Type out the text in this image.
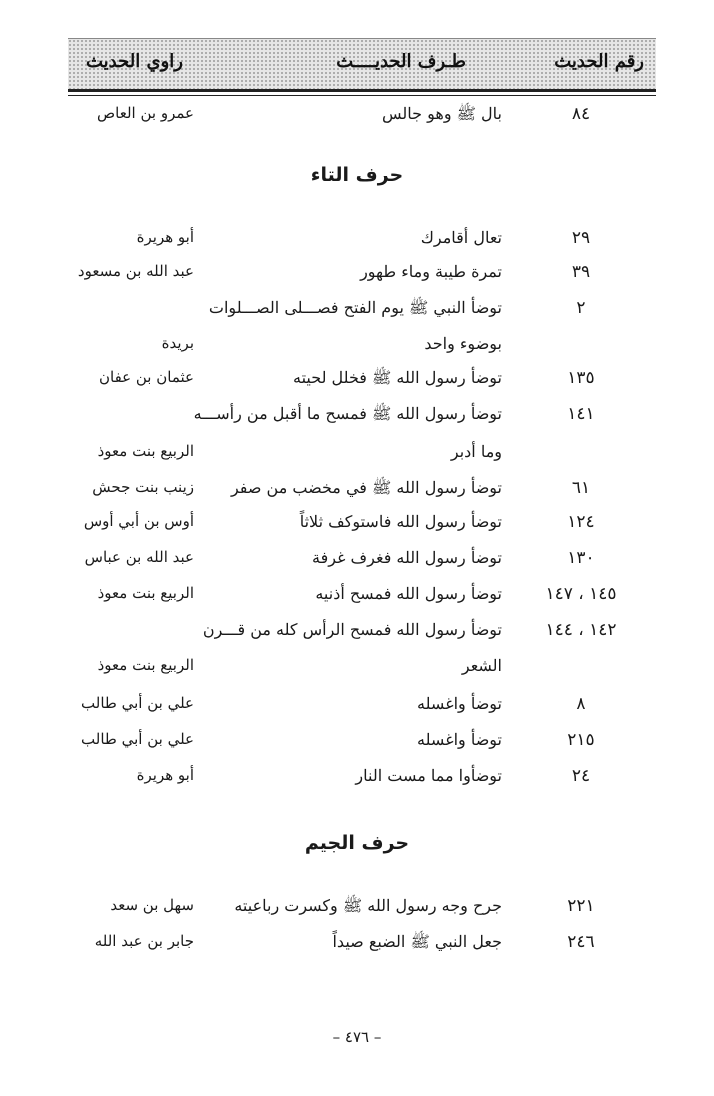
رقم الحديث
طـرف الحديــــث
راوي الحديث
٨٤
بال ﷺ وهو جالس
عمرو بن العاص
حرف التاء
٢٩
تعال أقامرك
أبو هريرة
٣٩
تمرة طيبة وماء طهور
عبد الله بن مسعود
٢
توضأ النبي ﷺ يوم الفتح فصـــلى الصـــلوات
بوضوء واحد
بريدة
١٣٥
توضأ رسول الله ﷺ فخلل لحيته
عثمان بن عفان
١٤١
توضأ رسول الله ﷺ فمسح ما أقبل من رأســـه
وما أدبر
الربيع بنت معوذ
٦١
توضأ رسول الله ﷺ في مخضب من صفر
زينب بنت جحش
١٢٤
توضأ رسول الله فاستوكف ثلاثاً
أوس بن أبي أوس
١٣٠
توضأ رسول الله فغرف غرفة
عبد الله بن عباس
١٤٥ ، ١٤٧
توضأ رسول الله فمسح أذنيه
الربيع بنت معوذ
١٤٢ ، ١٤٤
توضأ رسول الله فمسح الرأس كله من قـــرن
الشعر
الربيع بنت معوذ
٨
توضأ واغسله
علي بن أبي طالب
٢١٥
توضأ واغسله
علي بن أبي طالب
٢٤
توضأوا مما مست النار
أبو هريرة
حرف الجيم
٢٢١
جرح وجه رسول الله ﷺ وكسرت رباعيته
سهل بن سعد
٢٤٦
جعل النبي ﷺ الضبع صيداً
جابر بن عبد الله
– ٤٧٦ –
